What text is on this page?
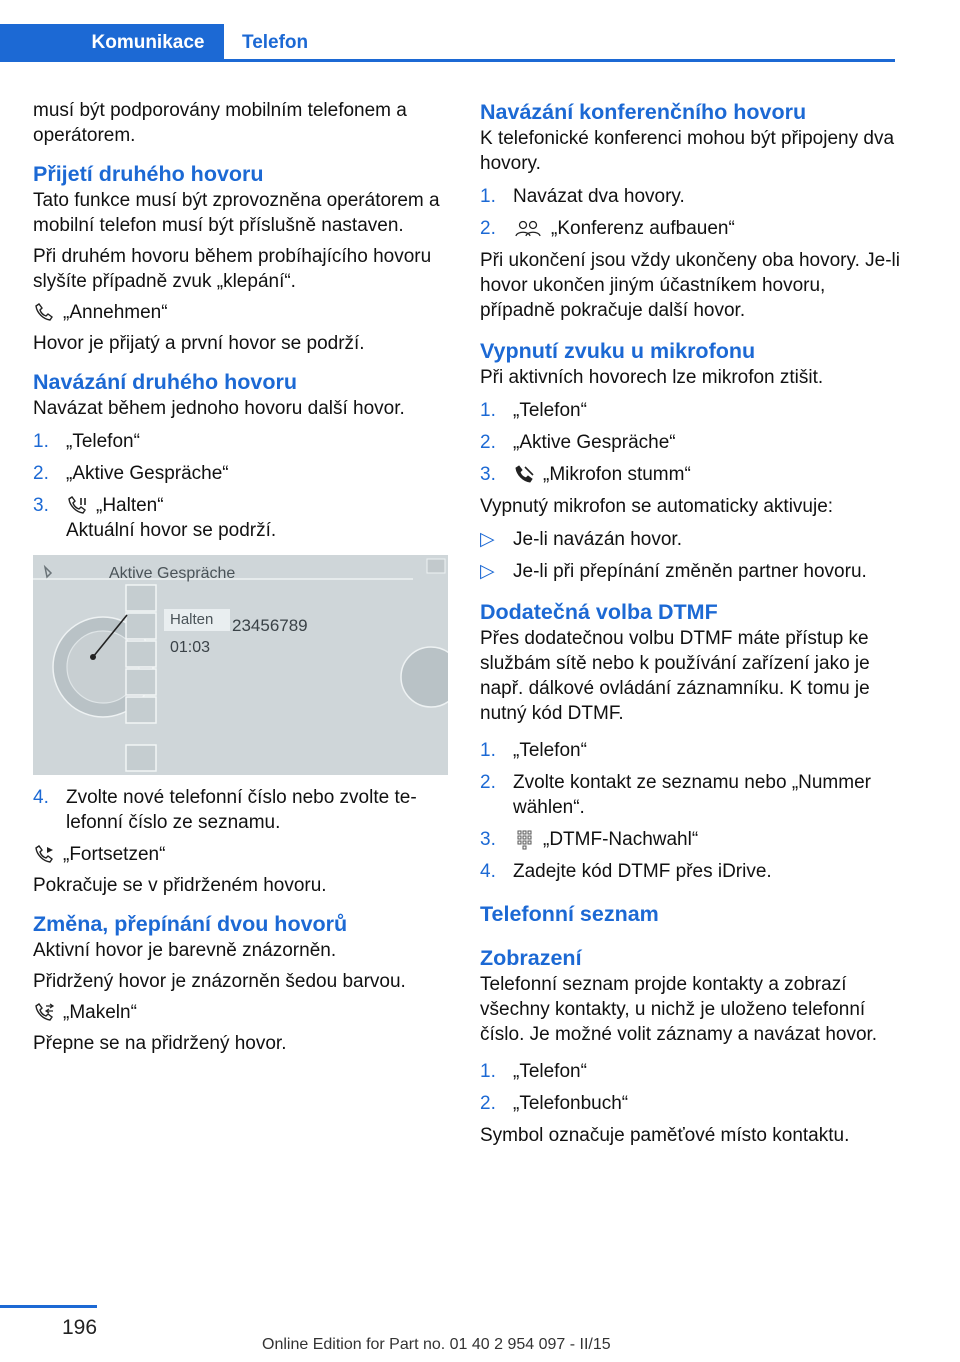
Komunikace	Telefon

musí být podporovány mobilním telefonem a operátorem.

Přijetí druhého hovoru

Tato funkce musí být zprovozněna operátorem a mobilní telefon musí být příslušně nastaven.

Při druhém hovoru během probíhajícího hovoru slyšíte případně zvuk „klepání“.

„Annehmen“

Hovor je přijatý a první hovor se podrží.

Navázání druhého hovoru

Navázat během jednoho hovoru další hovor.

1. „Telefon“
2. „Aktive Gespräche“
3. „Halten“
Aktuální hovor se podrží.
Aktive Gespräche
Halten	23456789
01:03
4. Zvolte nové telefonní číslo nebo zvolte telefonní číslo ze seznamu.

„Fortsetzen“

Pokračuje se v přidrženém hovoru.

Změna, přepínání dvou hovorů

Aktivní hovor je barevně znázorněn.

Přidržený hovor je znázorněn šedou barvou.

„Makeln“

Přepne se na přidržený hovor.

Navázání konferenčního hovoru

K telefonické konferenci mohou být připojeny dva hovory.

1. Navázat dva hovory.
2.	„Konferenz aufbauen“

Při ukončení jsou vždy ukončeny oba hovory. Je-li hovor ukončen jiným účastníkem hovoru, případně pokračuje další hovor.

Vypnutí zvuku u mikrofonu

Při aktivních hovorech lze mikrofon ztišit.

1. „Telefon“
2. „Aktive Gespräche“
3. „Mikrofon stumm“

Vypnutý mikrofon se automaticky aktivuje:

▷ Je-li navázán hovor.
▷ Je-li při přepínání změněn partner hovoru.

Dodatečná volba DTMF

Přes dodatečnou volbu DTMF máte přístup ke službám sítě nebo k používání zařízení jako je např. dálkové ovládání záznamníku. K tomu je nutný kód DTMF.

1. „Telefon“
2. Zvolte kontakt ze seznamu nebo „Nummer wählen“.
3. „DTMF-Nachwahl“
4. Zadejte kód DTMF přes iDrive.

Telefonní seznam

Zobrazení

Telefonní seznam projde kontakty a zobrazí všechny kontakty, u nichž je uloženo telefonní číslo. Je možné volit záznamy a navázat hovor.

1. „Telefon“
2. „Telefonbuch“

Symbol označuje paměťové místo kontaktu.

196
Online Edition for Part no. 01 40 2 954 097 - II/15
